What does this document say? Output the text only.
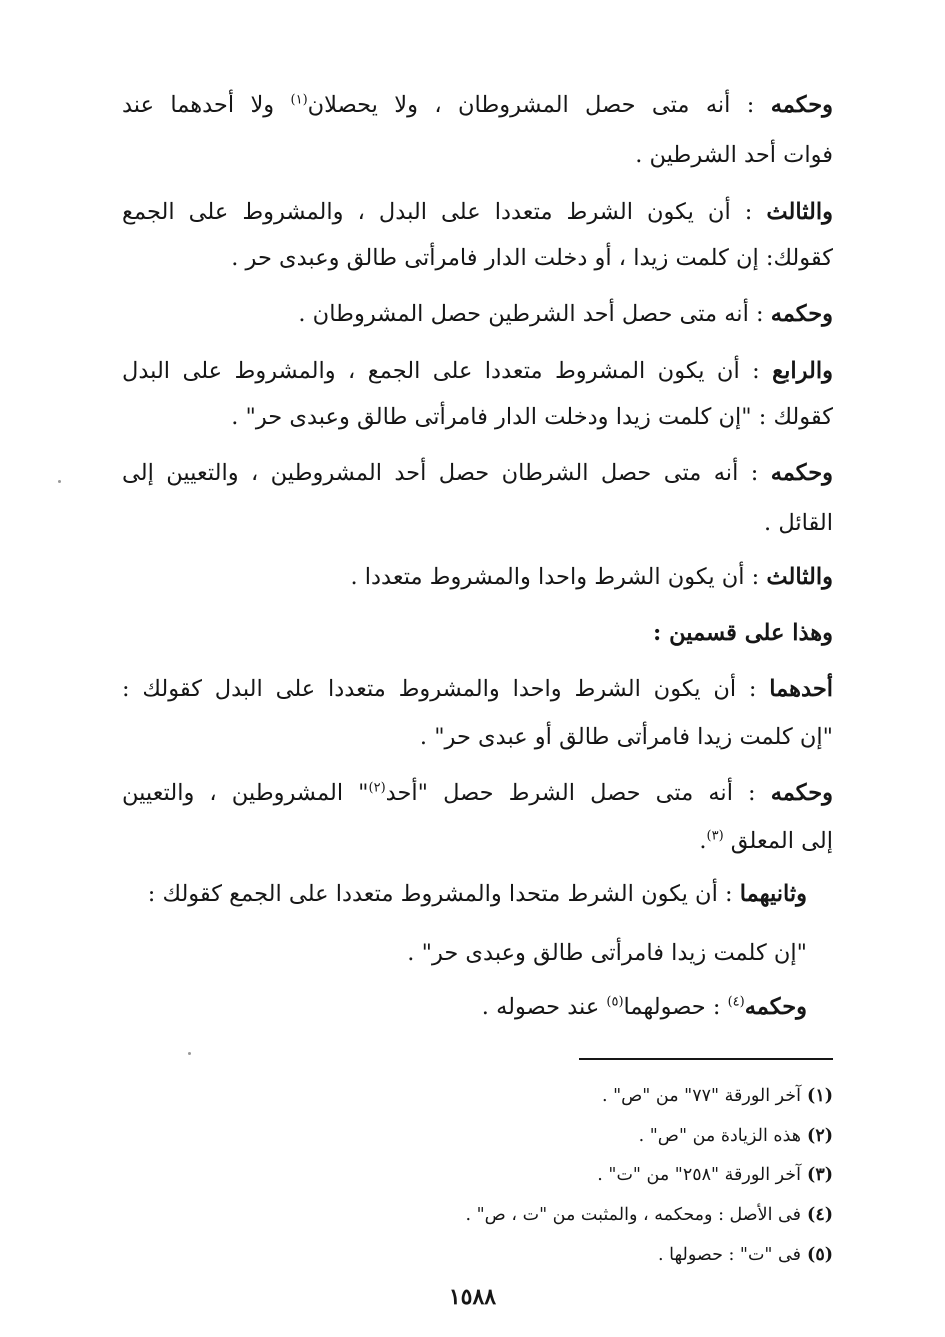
وحكمه : أنه متى حصل المشروطان ، ولا يحصلان$^{(١)}$ ولا أحدهما عند
فوات أحد الشرطين .
والثالث : أن يكون الشرط متعددا على البدل ، والمشروط على الجمع
كقولك: إن كلمت زيدا ، أو دخلت الدار فامرأتى طالق وعبدى حر .
وحكمه : أنه متى حصل أحد الشرطين حصل المشروطان .
والرابع : أن يكون المشروط متعددا على الجمع ، والمشروط على البدل
كقولك : "إن كلمت زيدا ودخلت الدار فامرأتى طالق وعبدى حر" .
وحكمه : أنه متى حصل الشرطان حصل أحد المشروطين ، والتعيين إلى
القائل .
والثالث : أن يكون الشرط واحدا والمشروط متعددا .
وهذا على قسمين :
أحدهما : أن يكون الشرط واحدا والمشروط متعددا على البدل كقولك :
"إن كلمت زيدا فامرأتى طالق أو عبدى حر" .
وحكمه : أنه متى حصل الشرط حصل "أحد$^{(٢)}$" المشروطين ، والتعيين
إلى المعلق $^{(٣)}$.
وثانيهما : أن يكون الشرط متحدا والمشروط متعددا على الجمع كقولك :
"إن كلمت زيدا فامرأتى طالق وعبدى حر" .
وحكمه$^{(٤)}$ : حصولهما$^{(٥)}$ عند حصوله .
(١)آخر الورقة "٧٧" من "ص" .
(٢)هذه الزيادة من "ص" .
(٣)آخر الورقة "٢٥٨" من "ت" .
(٤)فى الأصل : ومحكمه ، والمثبت من "ت ، ص" .
(٥)فى "ت" : حصولها .
١٥٨٨
